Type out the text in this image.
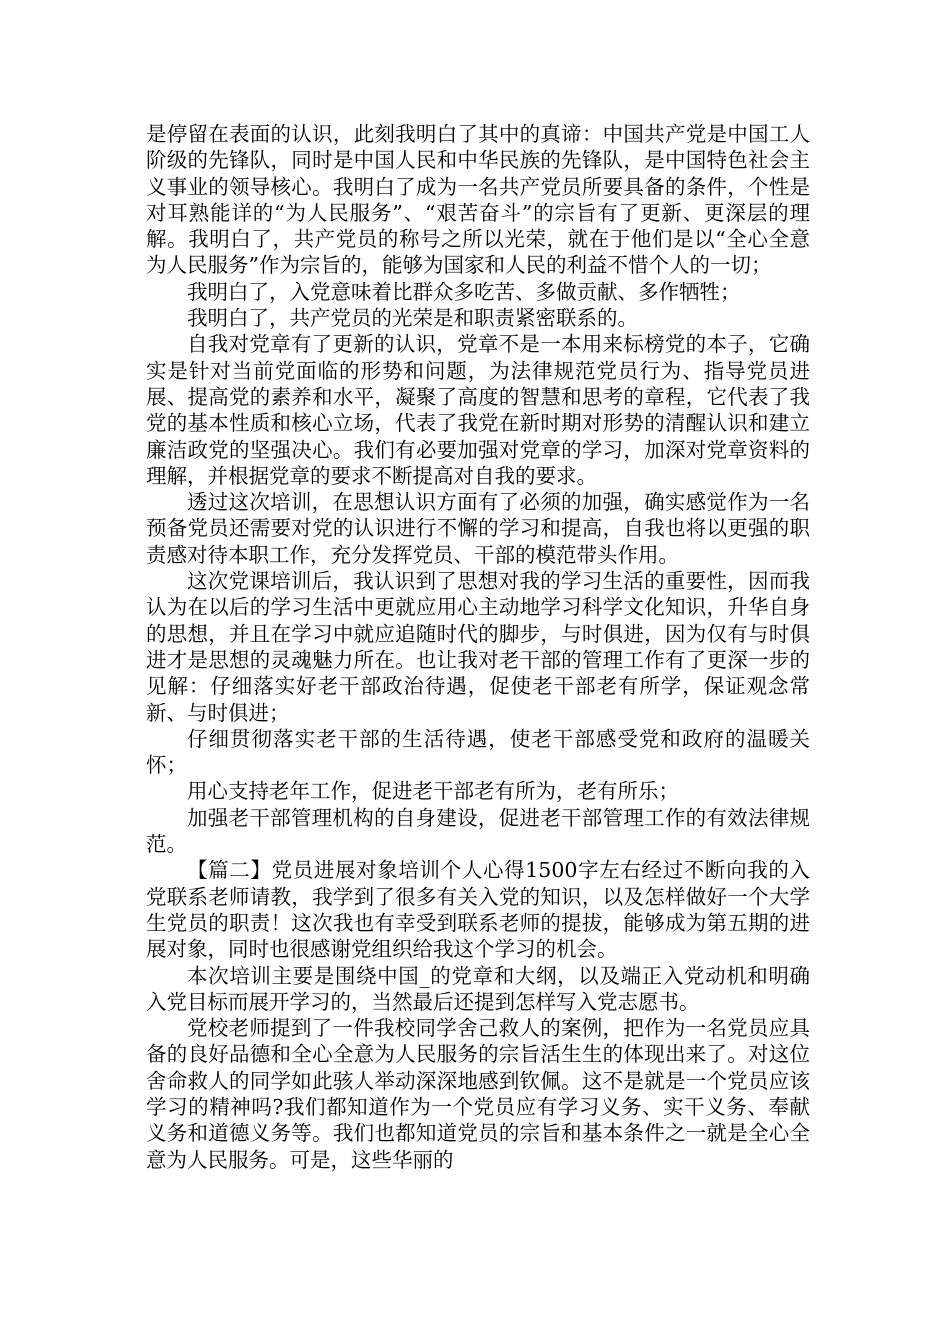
是停留在表面的认识，此刻我明白了其中的真谛：中国共产党是中国工人阶级的先锋队，同时是中国人民和中华民族的先锋队，是中国特色社会主义事业的领导核心。我明白了成为一名共产党员所要具备的条件，个性是对耳熟能详的“为人民服务”、“艰苦奋斗”的宗旨有了更新、更深层的理解。我明白了，共产党员的称号之所以光荣，就在于他们是以“全心全意为人民服务”作为宗旨的，能够为国家和人民的利益不惜个人的一切；

我明白了，入党意味着比群众多吃苦、多做贡献、多作牺牲；

我明白了，共产党员的光荣是和职责紧密联系的。

自我对党章有了更新的认识，党章不是一本用来标榜党的本子，它确实是针对当前党面临的形势和问题，为法律规范党员行为、指导党员进展、提高党的素养和水平，凝聚了高度的智慧和思考的章程，它代表了我党的基本性质和核心立场，代表了我党在新时期对形势的清醒认识和建立廉洁政党的坚强决心。我们有必要加强对党章的学习，加深对党章资料的理解，并根据党章的要求不断提高对自我的要求。

透过这次培训，在思想认识方面有了必须的加强，确实感觉作为一名预备党员还需要对党的认识进行不懈的学习和提高，自我也将以更强的职责感对待本职工作，充分发挥党员、干部的模范带头作用。

这次党课培训后，我认识到了思想对我的学习生活的重要性，因而我认为在以后的学习生活中更就应用心主动地学习科学文化知识，升华自身的思想，并且在学习中就应追随时代的脚步，与时俱进，因为仅有与时俱进才是思想的灵魂魅力所在。也让我对老干部的管理工作有了更深一步的见解：仔细落实好老干部政治待遇，促使老干部老有所学，保证观念常新、与时俱进；

仔细贯彻落实老干部的生活待遇，使老干部感受党和政府的温暖关怀；

用心支持老年工作，促进老干部老有所为，老有所乐；

加强老干部管理机构的自身建设，促进老干部管理工作的有效法律规范。

【篇二】党员进展对象培训个人心得1500字左右经过不断向我的入党联系老师请教，我学到了很多有关入党的知识，以及怎样做好一个大学生党员的职责！这次我也有幸受到联系老师的提拔，能够成为第五期的进展对象，同时也很感谢党组织给我这个学习的机会。

本次培训主要是围绕中国_的党章和大纲，以及端正入党动机和明确入党目标而展开学习的，当然最后还提到怎样写入党志愿书。

党校老师提到了一件我校同学舍己救人的案例，把作为一名党员应具备的良好品德和全心全意为人民服务的宗旨活生生的体现出来了。对这位舍命救人的同学如此骇人举动深深地感到钦佩。这不是就是一个党员应该学习的精神吗?我们都知道作为一个党员应有学习义务、实干义务、奉献义务和道德义务等。我们也都知道党员的宗旨和基本条件之一就是全心全意为人民服务。可是，这些华丽的
